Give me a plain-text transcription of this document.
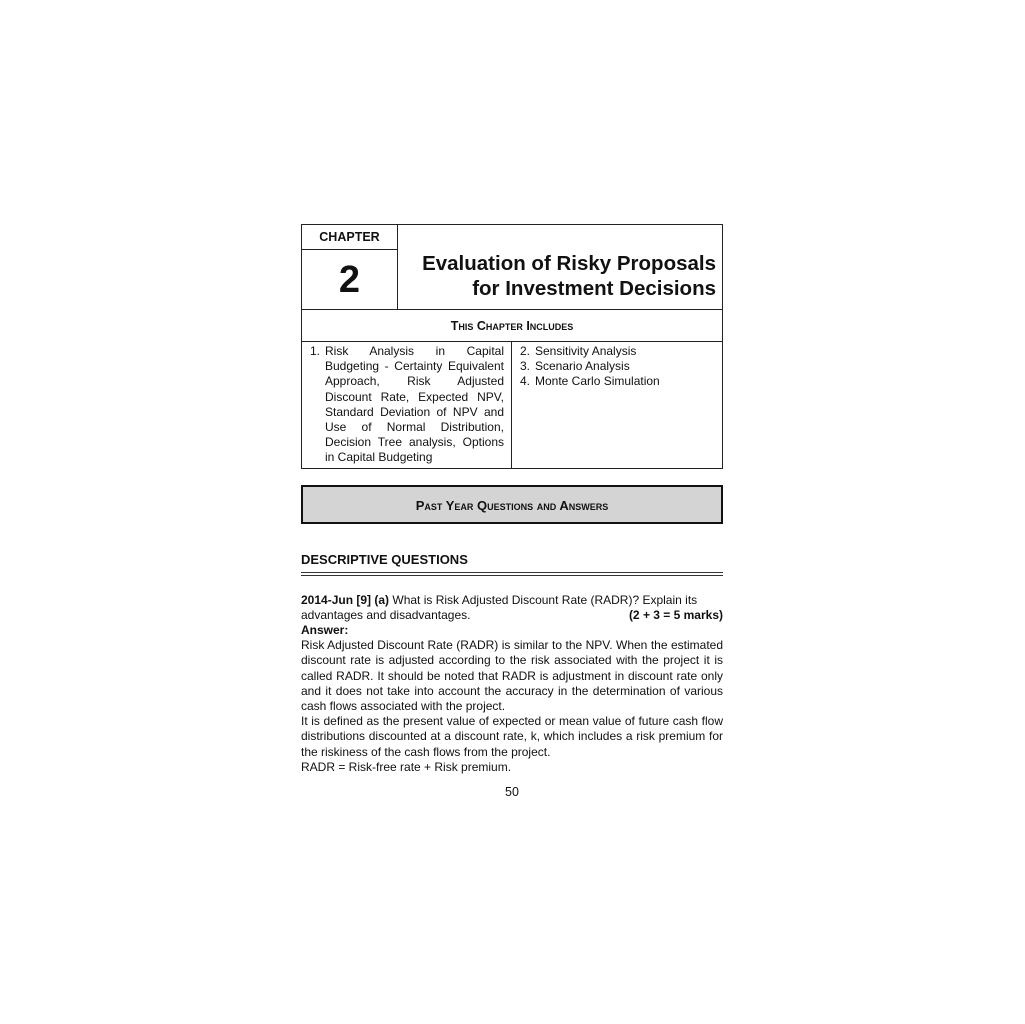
CHAPTER
2	Evaluation of Risky Proposals
for Investment Decisions
This Chapter Includes
1. Risk Analysis in Capital Budgeting - Certainty Equivalent Approach, Risk Adjusted Discount Rate, Expected NPV, Standard Deviation of NPV and Use of Normal Distribution, Decision Tree analysis, Options in Capital Budgeting
2. Sensitivity Analysis
3. Scenario Analysis
4. Monte Carlo Simulation
Past Year Questions and Answers
DESCRIPTIVE QUESTIONS
2014-Jun [9] (a) What is Risk Adjusted Discount Rate (RADR)? Explain its
advantages and disadvantages.	(2 + 3 = 5 marks)
Answer:
Risk Adjusted Discount Rate (RADR) is similar to the NPV. When the estimated discount rate is adjusted according to the risk associated with the project it is called RADR. It should be noted that RADR is adjustment in discount rate only and it does not take into account the accuracy in the determination of various cash flows associated with the project.
It is defined as the present value of expected or mean value of future cash flow distributions discounted at a discount rate, k, which includes a risk premium for the riskiness of the cash flows from the project.
RADR = Risk-free rate + Risk premium.
50
